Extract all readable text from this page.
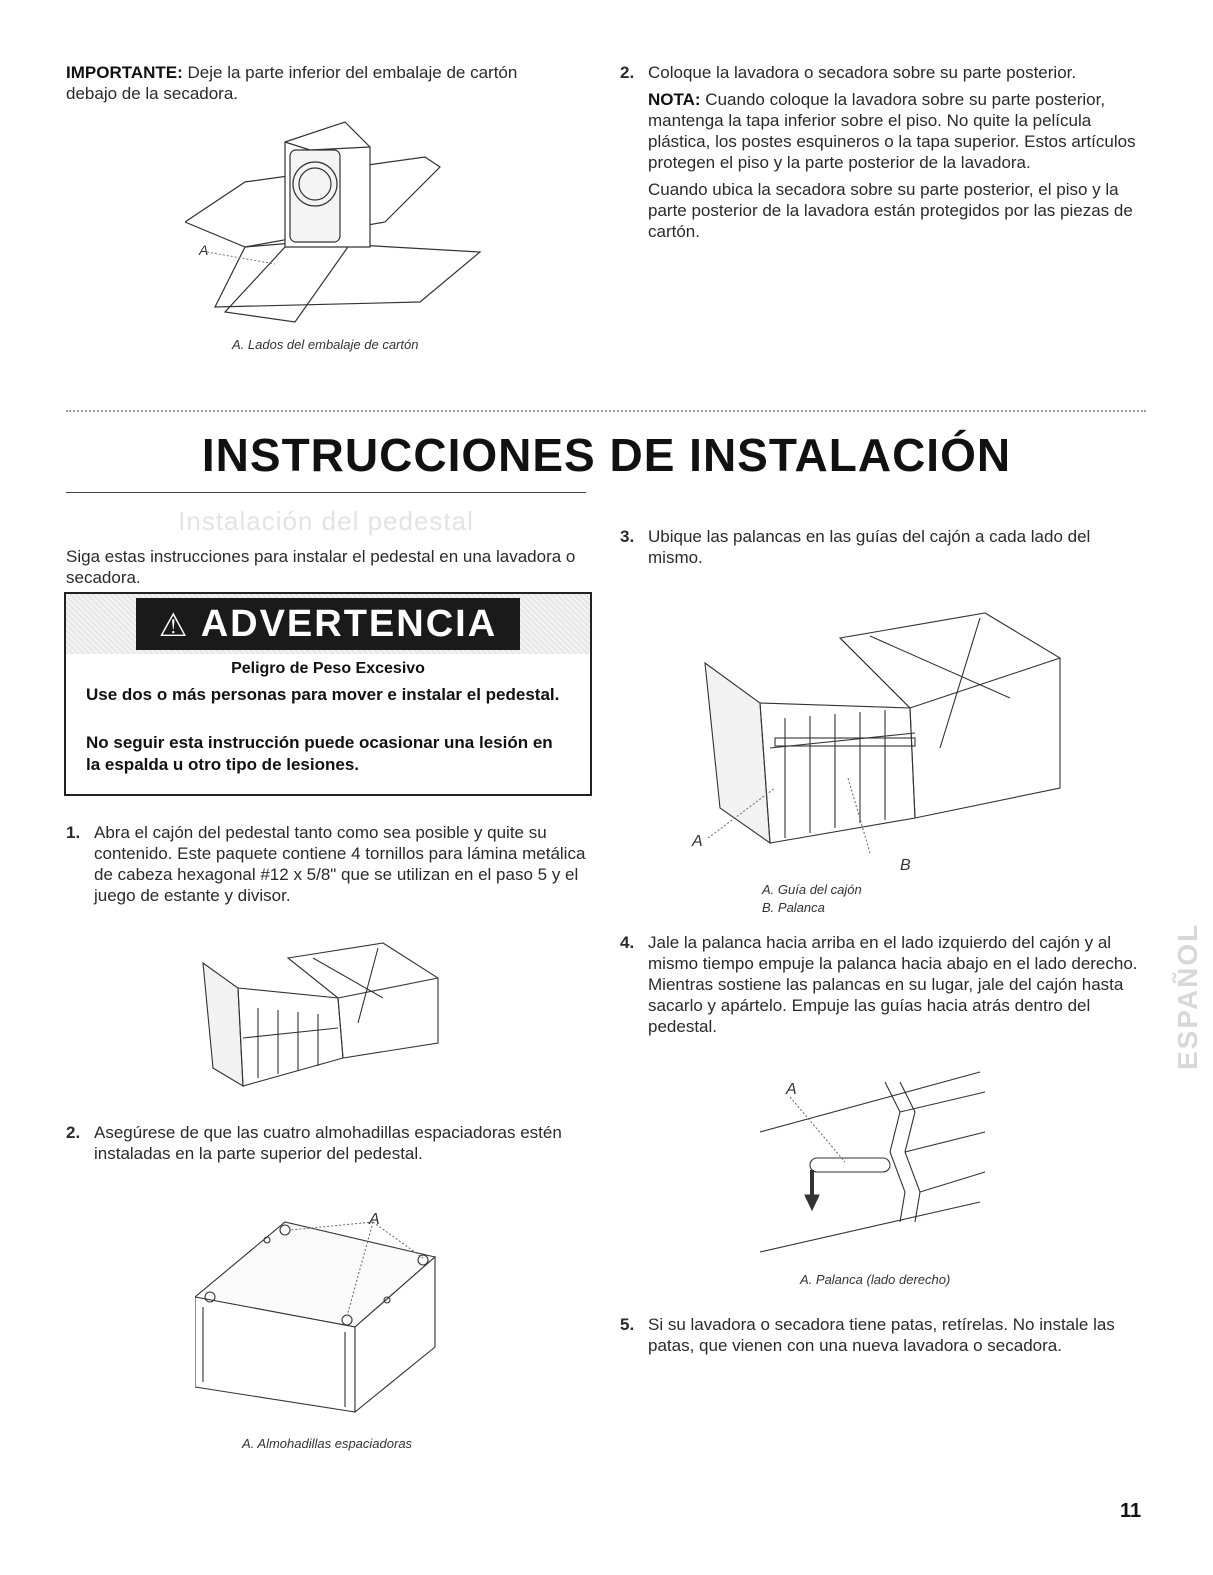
IMPORTANTE: Deje la parte inferior del embalaje de cartón debajo de la secadora.
A
A. Lados del embalaje de cartón
2. Coloque la lavadora o secadora sobre su parte posterior.
NOTA: Cuando coloque la lavadora sobre su parte posterior, mantenga la tapa inferior sobre el piso. No quite la película plástica, los postes esquineros o la tapa superior. Estos artículos protegen el piso y la parte posterior de la lavadora.
Cuando ubica la secadora sobre su parte posterior, el piso y la parte posterior de la lavadora están protegidos por las piezas de cartón.
INSTRUCCIONES DE INSTALACIÓN
Instalación del pedestal
Siga estas instrucciones para instalar el pedestal en una lavadora o secadora.
⚠ ADVERTENCIA
Peligro de Peso Excesivo
Use dos o más personas para mover e instalar el pedestal.
No seguir esta instrucción puede ocasionar una lesión en la espalda u otro tipo de lesiones.
1. Abra el cajón del pedestal tanto como sea posible y quite su contenido. Este paquete contiene 4 tornillos para lámina metálica de cabeza hexagonal #12 x 5/8" que se utilizan en el paso 5 y el juego de estante y divisor.
2. Asegúrese de que las cuatro almohadillas espaciadoras estén instaladas en la parte superior del pedestal.
A
A. Almohadillas espaciadoras
3. Ubique las palancas en las guías del cajón a cada lado del mismo.
A
B
A. Guía del cajón
B. Palanca
4. Jale la palanca hacia arriba en el lado izquierdo del cajón y al mismo tiempo empuje la palanca hacia abajo en el lado derecho. Mientras sostiene las palancas en su lugar, jale del cajón hasta sacarlo y apártelo. Empuje las guías hacia atrás dentro del pedestal.
A
A. Palanca (lado derecho)
5. Si su lavadora o secadora tiene patas, retírelas. No instale las patas, que vienen con una nueva lavadora o secadora.
ESPAÑOL
11
